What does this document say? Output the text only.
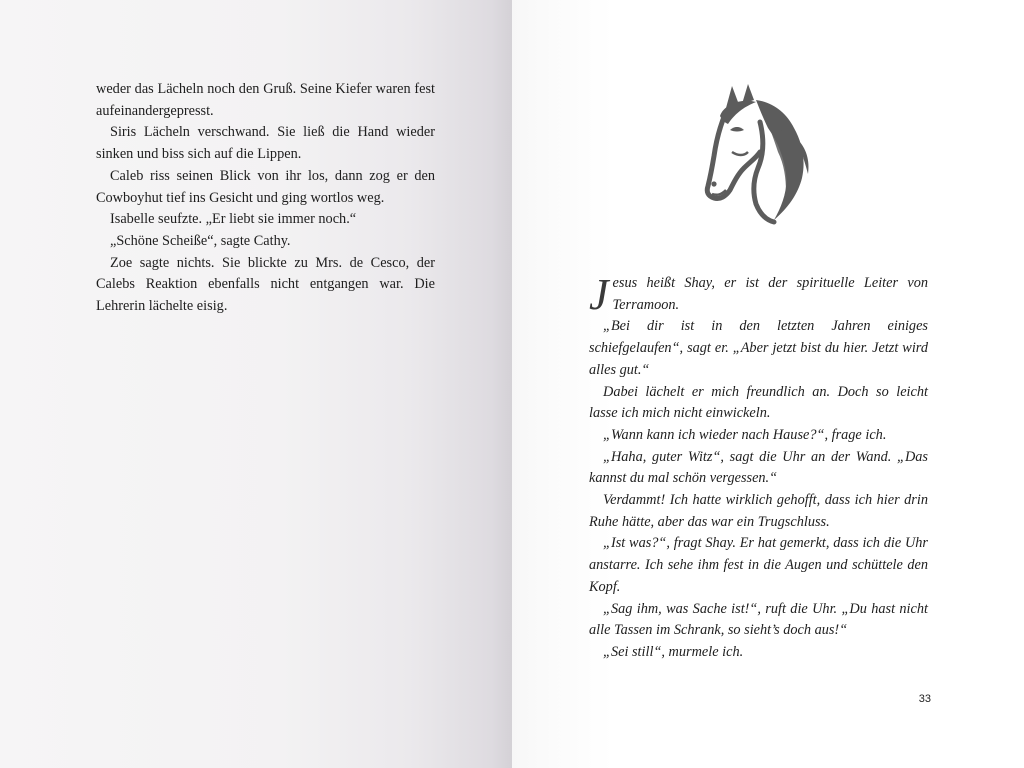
weder das Lächeln noch den Gruß. Seine Kiefer waren fest aufeinandergepresst.

Siris Lächeln verschwand. Sie ließ die Hand wieder sinken und biss sich auf die Lippen.

Caleb riss seinen Blick von ihr los, dann zog er den Cowboyhut tief ins Gesicht und ging wortlos weg.

Isabelle seufzte. „Er liebt sie immer noch.“

„Schöne Scheiße“, sagte Cathy.

Zoe sagte nichts. Sie blickte zu Mrs. de Cesco, der Calebs Reaktion ebenfalls nicht entgangen war. Die Lehrerin lächelte eisig.	Jesus heißt Shay, er ist der spirituelle Leiter von Terramoon.

„Bei dir ist in den letzten Jahren einiges schiefgelaufen“, sagt er. „Aber jetzt bist du hier. Jetzt wird alles gut.“

Dabei lächelt er mich freundlich an. Doch so leicht lasse ich mich nicht einwickeln.

„Wann kann ich wieder nach Hause?“, frage ich.

„Haha, guter Witz“, sagt die Uhr an der Wand. „Das kannst du mal schön vergessen.“

Verdammt! Ich hatte wirklich gehofft, dass ich hier drin Ruhe hätte, aber das war ein Trugschluss.

„Ist was?“, fragt Shay. Er hat gemerkt, dass ich die Uhr anstarre. Ich sehe ihm fest in die Augen und schüttele den Kopf.

„Sag ihm, was Sache ist!“, ruft die Uhr. „Du hast nicht alle Tassen im Schrank, so sieht’s doch aus!“

„Sei still“, murmele ich.

33
